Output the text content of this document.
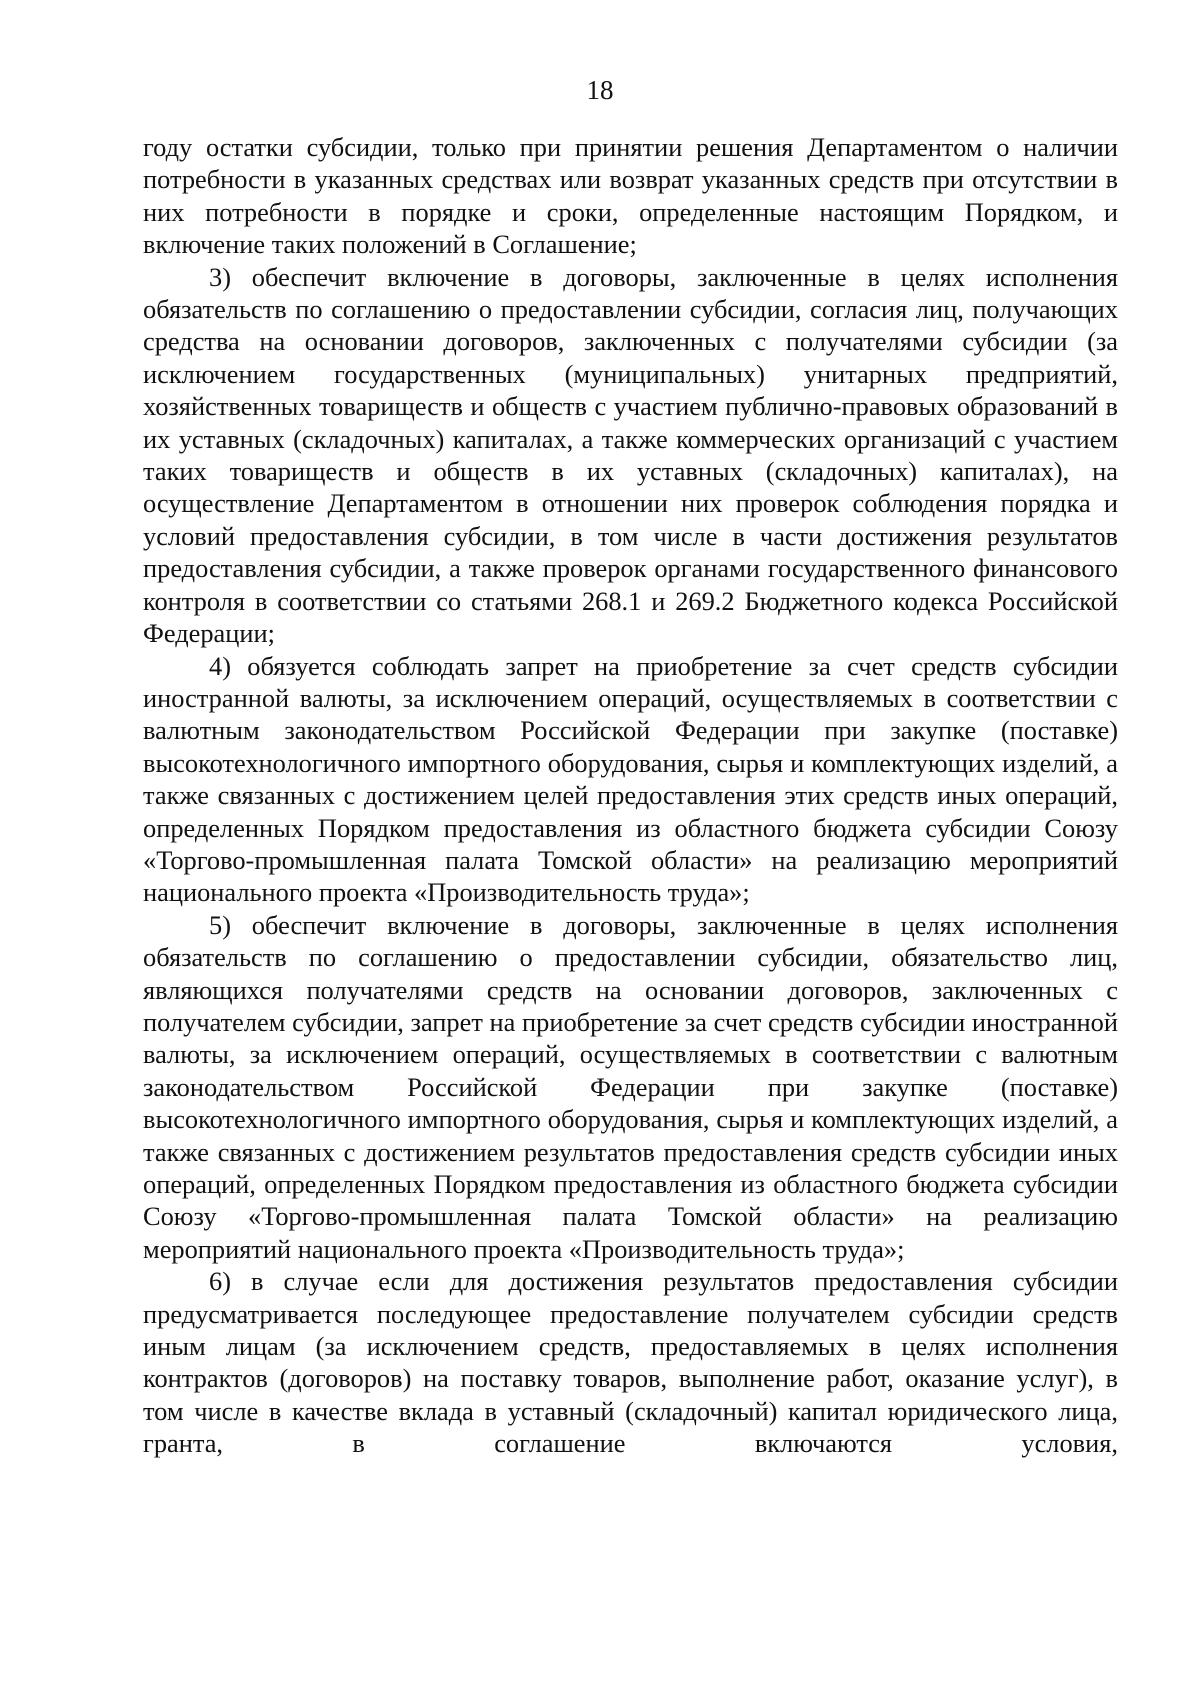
18

году остатки субсидии, только при принятии решения Департаментом о наличии потребности в указанных средствах или возврат указанных средств при отсутствии в них потребности в порядке и сроки, определенные настоящим Порядком, и включение таких положений в Соглашение;

3) обеспечит включение в договоры, заключенные в целях исполнения обязательств по соглашению о предоставлении субсидии, согласия лиц, получающих средства на основании договоров, заключенных с получателями субсидии (за исключением государственных (муниципальных) унитарных предприятий, хозяйственных товариществ и обществ с участием публично-правовых образований в их уставных (складочных) капиталах, а также коммерческих организаций с участием таких товариществ и обществ в их уставных (складочных) капиталах), на осуществление Департаментом в отношении них проверок соблюдения порядка и условий предоставления субсидии, в том числе в части достижения результатов предоставления субсидии, а также проверок органами государственного финансового контроля в соответствии со статьями 268.1 и 269.2 Бюджетного кодекса Российской Федерации;

4) обязуется соблюдать запрет на приобретение за счет средств субсидии иностранной валюты, за исключением операций, осуществляемых в соответствии с валютным законодательством Российской Федерации при закупке (поставке) высокотехнологичного импортного оборудования, сырья и комплектующих изделий, а также связанных с достижением целей предоставления этих средств иных операций, определенных Порядком предоставления из областного бюджета субсидии Союзу «Торгово-промышленная палата Томской области» на реализацию мероприятий национального проекта «Производительность труда»;

5) обеспечит включение в договоры, заключенные в целях исполнения обязательств по соглашению о предоставлении субсидии, обязательство лиц, являющихся получателями средств на основании договоров, заключенных с получателем субсидии, запрет на приобретение за счет средств субсидии иностранной валюты, за исключением операций, осуществляемых в соответствии с валютным законодательством Российской Федерации при закупке (поставке) высокотехнологичного импортного оборудования, сырья и комплектующих изделий, а также связанных с достижением результатов предоставления средств субсидии иных операций, определенных Порядком предоставления из областного бюджета субсидии Союзу «Торгово-промышленная палата Томской области» на реализацию мероприятий национального проекта «Производительность труда»;

6) в случае если для достижения результатов предоставления субсидии предусматривается последующее предоставление получателем субсидии средств иным лицам (за исключением средств, предоставляемых в целях исполнения контрактов (договоров) на поставку товаров, выполнение работ, оказание услуг), в том числе в качестве вклада в уставный (складочный) капитал юридического лица, гранта, в соглашение включаются условия,
